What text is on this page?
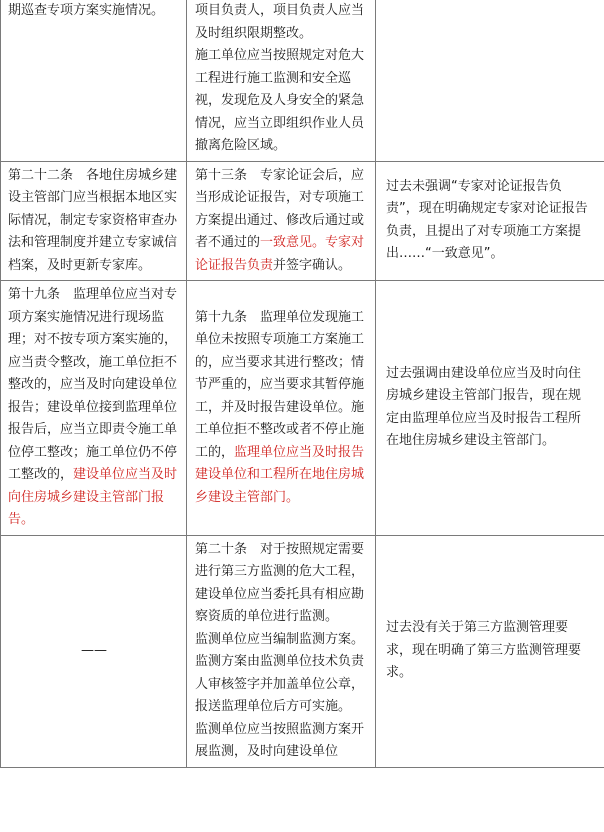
期巡查专项方案实施情况。	项目负责人，项目负责人应当及时组织限期整改。

施工单位应当按照规定对危大工程进行施工监测和安全巡视，发现危及人身安全的紧急情况，应当立即组织作业人员撤离危险区域。	

第二十二条　各地住房城乡建设主管部门应当根据本地区实际情况，制定专家资格审查办法和管理制度并建立专家诚信档案，及时更新专家库。	第十三条　专家论证会后，应当形成论证报告，对专项施工方案提出通过、修改后通过或者不通过的一致意见。专家对论证报告负责并签字确认。	过去未强调“专家对论证报告负责”，现在明确规定专家对论证报告负责，且提出了对专项施工方案提出……“一致意见”。

第十九条　监理单位应当对专项方案实施情况进行现场监理；对不按专项方案实施的，应当责令整改，施工单位拒不整改的，应当及时向建设单位报告；建设单位接到监理单位报告后，应当立即责令施工单位停工整改；施工单位仍不停工整改的，建设单位应当及时向住房城乡建设主管部门报告。	第十九条　监理单位发现施工单位未按照专项施工方案施工的，应当要求其进行整改；情节严重的，应当要求其暂停施工，并及时报告建设单位。施工单位拒不整改或者不停止施工的，监理单位应当及时报告建设单位和工程所在地住房城乡建设主管部门。	过去强调由建设单位应当及时向住房城乡建设主管部门报告，现在规定由监理单位应当及时报告工程所在地住房城乡建设主管部门。

——	第二十条　对于按照规定需要进行第三方监测的危大工程，建设单位应当委托具有相应勘察资质的单位进行监测。

监测单位应当编制监测方案。监测方案由监测单位技术负责人审核签字并加盖单位公章，报送监理单位后方可实施。

监测单位应当按照监测方案开展监测，及时向建设单位	过去没有关于第三方监测管理要求，现在明确了第三方监测管理要求。
